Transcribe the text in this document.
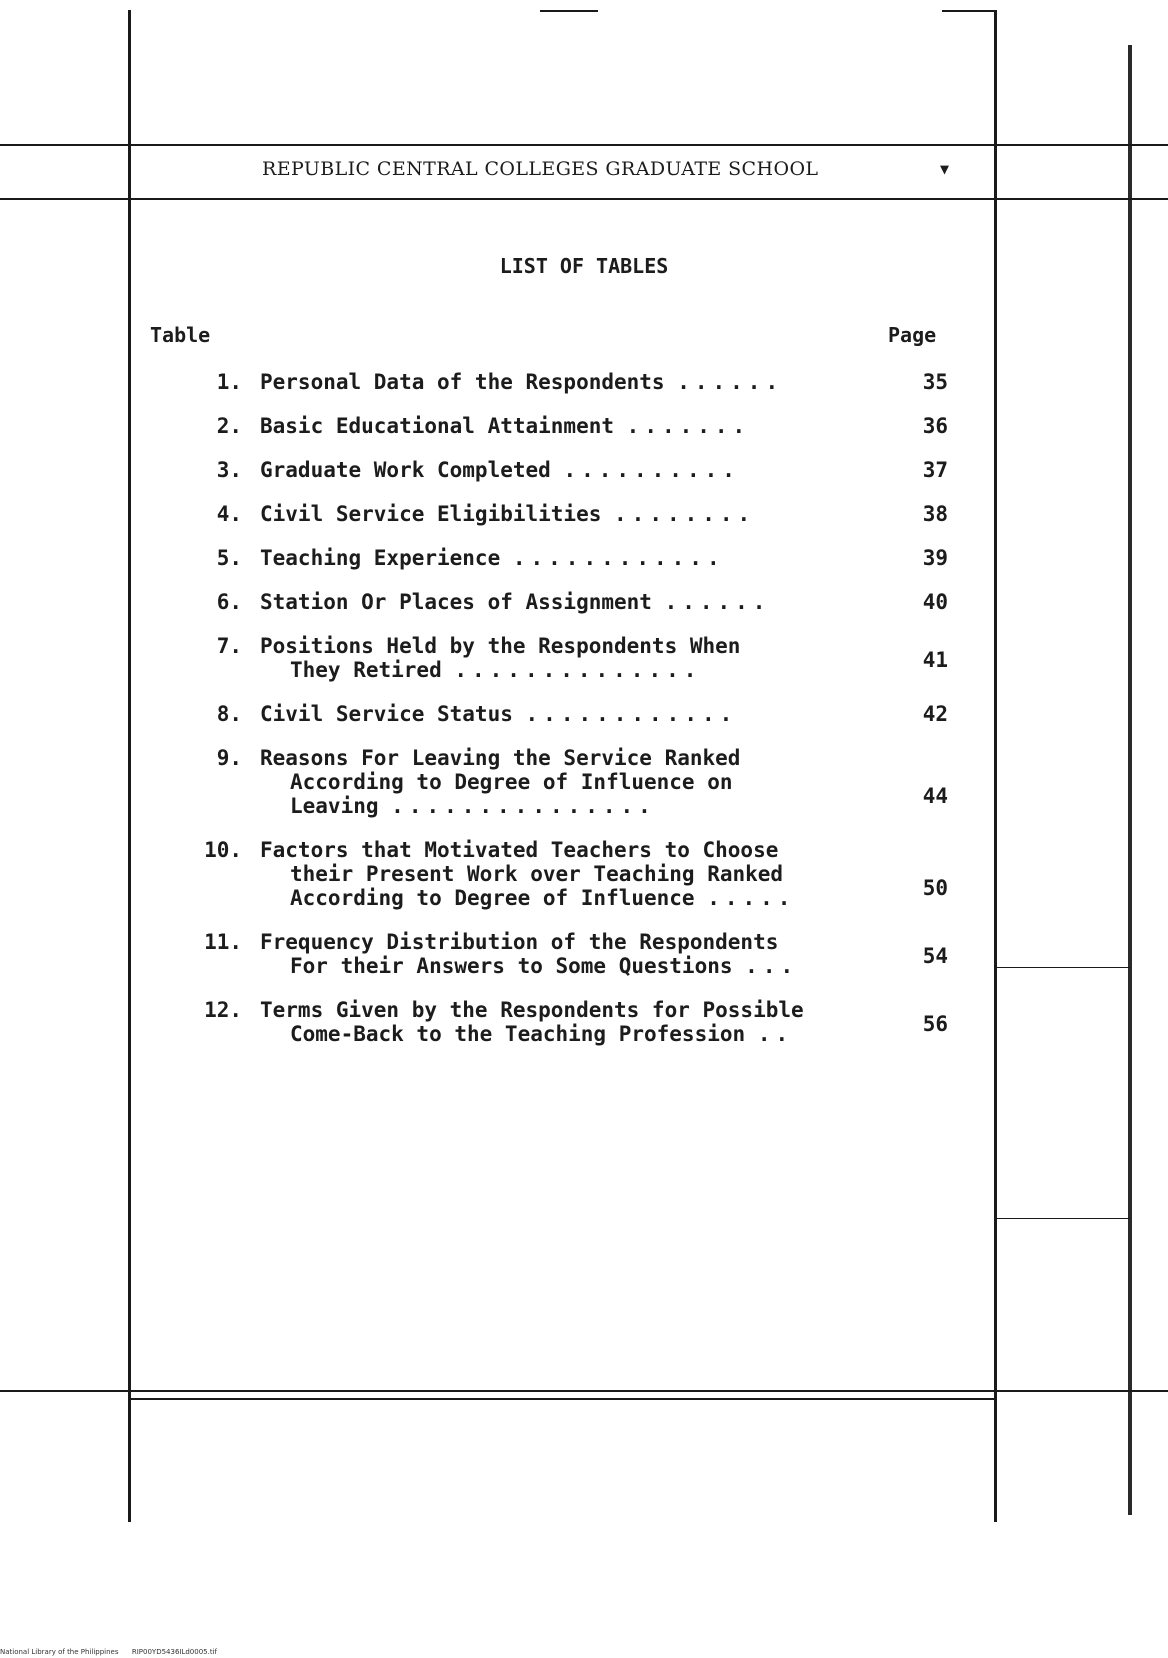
REPUBLIC CENTRAL COLLEGES GRADUATE SCHOOL	▼
LIST OF TABLES
Table	Page
1. Personal Data of the Respondents ......	35
2. Basic Educational Attainment .......	36
3. Graduate Work Completed ..........	37
4. Civil Service Eligibilities ........	38
5. Teaching Experience ............	39
6. Station Or Places of Assignment ......	40
7. Positions Held by the Respondents When
They Retired ..............	41
8. Civil Service Status ............	42
9. Reasons For Leaving the Service Ranked
According to Degree of Influence on
Leaving ...............	44
10. Factors that Motivated Teachers to Choose
their Present Work over Teaching Ranked
According to Degree of Influence .....	50
11. Frequency Distribution of the Respondents
For their Answers to Some Questions ...	54
12. Terms Given by the Respondents for Possible
Come-Back to the Teaching Profession ..	56
National Library of the Philippines RIP00YD5436ILd0005.tif
